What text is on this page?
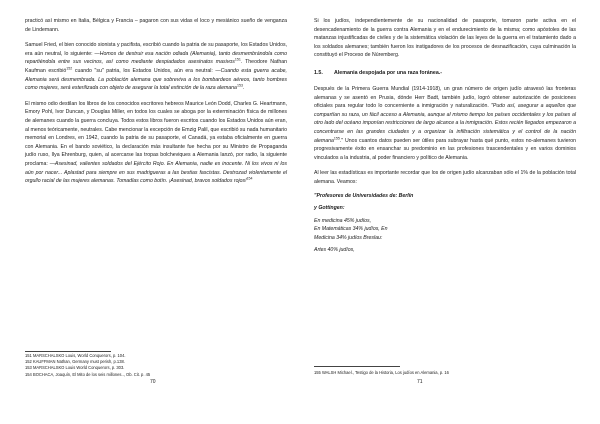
practicó así mismo en Italia, Bélgica y Francia – pagaron con sus vidas el loco y mesiánico sueño de venganza de Lindemann.

Samuel Fried, el bien conocido sionista y pacifista, escribió cuando la patria de su pasaporte, los Estados Unidos, era aún neutral, lo siguiente: —Homos de destruir esa nación odiada (Alemania), tanto desmembrándola como repartiéndola entre sus vecinos, así como mediante despiadados asesinatos masivos$^{151}$. Theodore Nathan Kaufman escribió$^{152}$ cuando "su" patria, los Estados Unidos, aún era neutral: —Cuando esta guerra acabe, Alemania será desmembrada. La población alemana que sobreviva a los bombardeos aéreos, tanto hombres como mujeres, será esterilizada con objeto de asegurar la total extinción de la raza alemana$^{153}$.

El mismo odio destilan los libros de los conocidos escritores hebreos Maurice León Dodd, Charles G. Heartmann, Emory Pohl, Ivor Duncan, y Douglas Miller, en todos los cuales se aboga por la exterminación física de millones de alemanes cuando la guerra concluya. Todos estos libros fueron escritos cuando los Estados Unidos aún eran, al menos teóricamente, neutrales. Cabe mencionar la excepción de Emzig Palil, que escribió su nada humanitario memorial en Londres, en 1942, cuando la patria de su pasaporte, el Canadá, ya estaba oficialmente en guerra con Alemania. En el bando soviético, la declaración más insultante fue hecha por su Ministro de Propaganda judío ruso, Ilya Ehrenburg, quien, al acercarse las tropas bolcheviques a Alemania lanzó, por radio, la siguiente proclama: —Asesinad, valientes soldados del Ejército Rojo. En Alemania, nadie es inocente. Ni los vivos ni los aún por nacer... Aplastad para siempre en sus madrigueras a las bestias fascistas. Destrozad violentamente el orgullo racial de las mujeres alemanas. Tomadlas como botín. ¡Asesinad, bravos soldados rojos!$^{154}$

151 MARSCHALSKO Louis, World Conquerors, p. 104.
152 KAUFFMAN Nathan, Germany must perish, p.138.
153 MARSCHALSKO Louis World Conquerors, p. 303.
154 BOCHACA, Joaquín, El Mito de los seis millones.., Ob. Cit. p. 45
70

Si los judíos, independientemente de su nacionalidad de pasaporte, tomaron parte activa en el desencadenamiento de la guerra contra Alemania y en el endurecimiento de la misma; como apóstoles de las matanzas injustificadas de civiles y de la sistemática violación de las leyes de la guerra en el tratamiento dado a los soldados alemanes; también fueron los instigadores de los procesos de desnazificación, cuya culminación la constituyó el Proceso de Núremberg.

1.5. Alemania despojada por una raza foránea.-

Después de la Primera Guerra Mundial (1914-1918), un gran número de origen judío atravesó las fronteras alemanas y se asentó en Prusia, dónde Herr Badt, también judío, logró obtener autorización de posiciones oficiales para regular todo lo concerniente a inmigración y naturalización. "Pudo así, asegurar a aquellos que compartían su raza, un fácil acceso a Alemania, aunque al mismo tiempo los países occidentales y los países al otro lado del océano imponían restricciones de largo alcance a la inmigración. Estos recién llegados empezaron a concentrarse en las grandes ciudades y a organizar la infiltración sistemática y el control de la nación alemana$^{155}$." Unos cuantos datos pueden ser útiles para subrayar hasta qué punto, estos no-alemanes tuvieron progresivamente éxito en ensanchar su predominio en las profesiones trascendentales y en varios dominios vinculados a la industria, al poder financiero y político de Alemania.

Al leer las estadísticas es importante recordar que los de origen judío alcanzaban sólo el 1% de la población total alemana. Veamos:

"Profesores de Universidades de: Berlín
y Gottingen:
En medicina 45% judíos,
En Matemáticas 34% judíos, En
Medicina 34% judíos Breslau:
Artes 40% judíos,
155 WALSH Michael., Testigo de la Historia, Los judíos en Alemania, p. 16
71
